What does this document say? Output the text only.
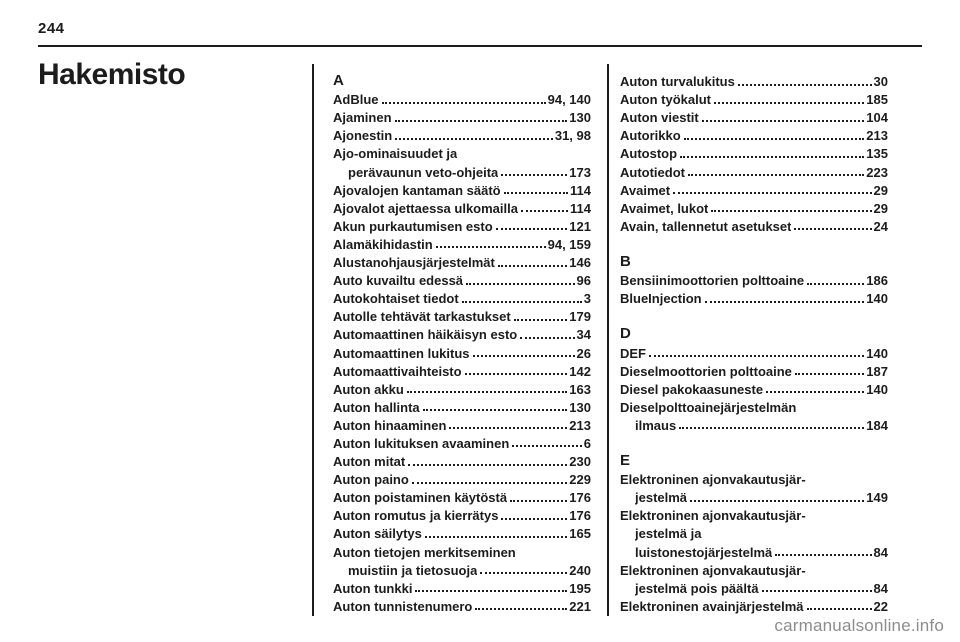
244
Hakemisto	A
AdBlue	94, 140
Ajaminen	130
Ajonestin	31, 98
Ajo-ominaisuudet ja
perävaunun veto-ohjeita	173
Ajovalojen kantaman säätö	114
Ajovalot ajettaessa ulkomailla	114
Akun purkautumisen esto	121
Alamäkihidastin	94, 159
Alustanohjausjärjestelmät	146
Auto kuvailtu edessä	96
Autokohtaiset tiedot	3
Autolle tehtävät tarkastukset	179
Automaattinen häikäisyn esto	34
Automaattinen lukitus	26
Automaattivaihteisto	142
Auton akku	163
Auton hallinta	130
Auton hinaaminen	213
Auton lukituksen avaaminen	6
Auton mitat	230
Auton paino	229
Auton poistaminen käytöstä	176
Auton romutus ja kierrätys	176
Auton säilytys	165
Auton tietojen merkitseminen
muistiin ja tietosuoja	240
Auton tunkki	195
Auton tunnistenumero	221
Auton turvalukitus	30
Auton työkalut	185
Auton viestit	104
Autorikko	213
Autostop	135
Autotiedot	223
Avaimet	29
Avaimet, lukot	29
Avain, tallennetut asetukset	24
B
Bensiinimoottorien polttoaine	186
BlueInjection	140
D
DEF	140
Dieselmoottorien polttoaine	187
Diesel pakokaasuneste	140
Dieselpolttoainejärjestelmän
ilmaus	184
E
Elektroninen ajonvakautusjär-
jestelmä	149
Elektroninen ajonvakautusjär-
jestelmä ja
luistonestojärjestelmä	84
Elektroninen ajonvakautusjär-
jestelmä pois päältä	84
Elektroninen avainjärjestelmä	22
carmanualsonline.info
